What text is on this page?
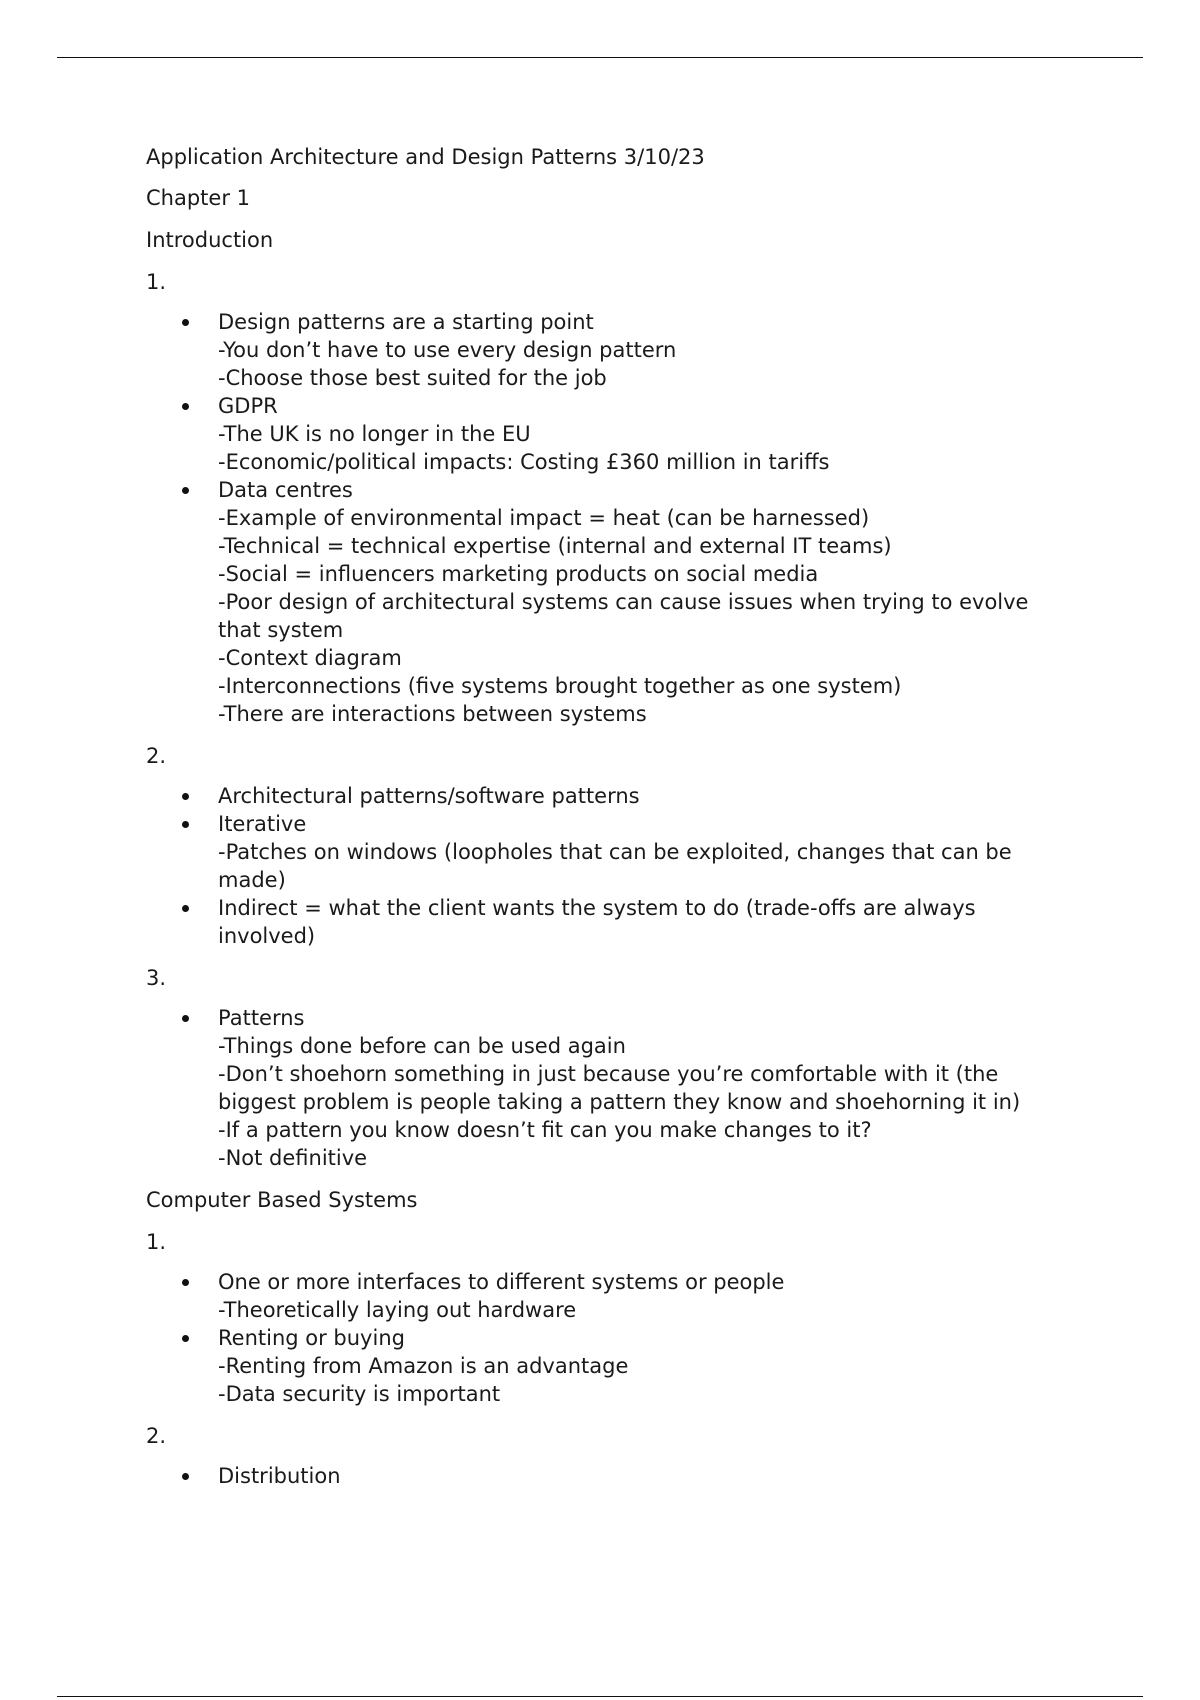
Application Architecture and Design Patterns 3/10/23

Chapter 1

Introduction

1.

Design patterns are a starting point
-You don’t have to use every design pattern
-Choose those best suited for the job
GDPR
-The UK is no longer in the EU
-Economic/political impacts: Costing £360 million in tariffs
Data centres
-Example of environmental impact = heat (can be harnessed)
-Technical = technical expertise (internal and external IT teams)
-Social = influencers marketing products on social media
-Poor design of architectural systems can cause issues when trying to evolve that system
-Context diagram
-Interconnections (five systems brought together as one system)
-There are interactions between systems

2.

Architectural patterns/software patterns
Iterative
-Patches on windows (loopholes that can be exploited, changes that can be made)
Indirect = what the client wants the system to do (trade-offs are always involved)

3.

Patterns
-Things done before can be used again
-Don’t shoehorn something in just because you’re comfortable with it (the biggest problem is people taking a pattern they know and shoehorning it in)
-If a pattern you know doesn’t fit can you make changes to it?
-Not definitive

Computer Based Systems

1.

One or more interfaces to different systems or people
-Theoretically laying out hardware
Renting or buying
-Renting from Amazon is an advantage
-Data security is important

2.

Distribution
